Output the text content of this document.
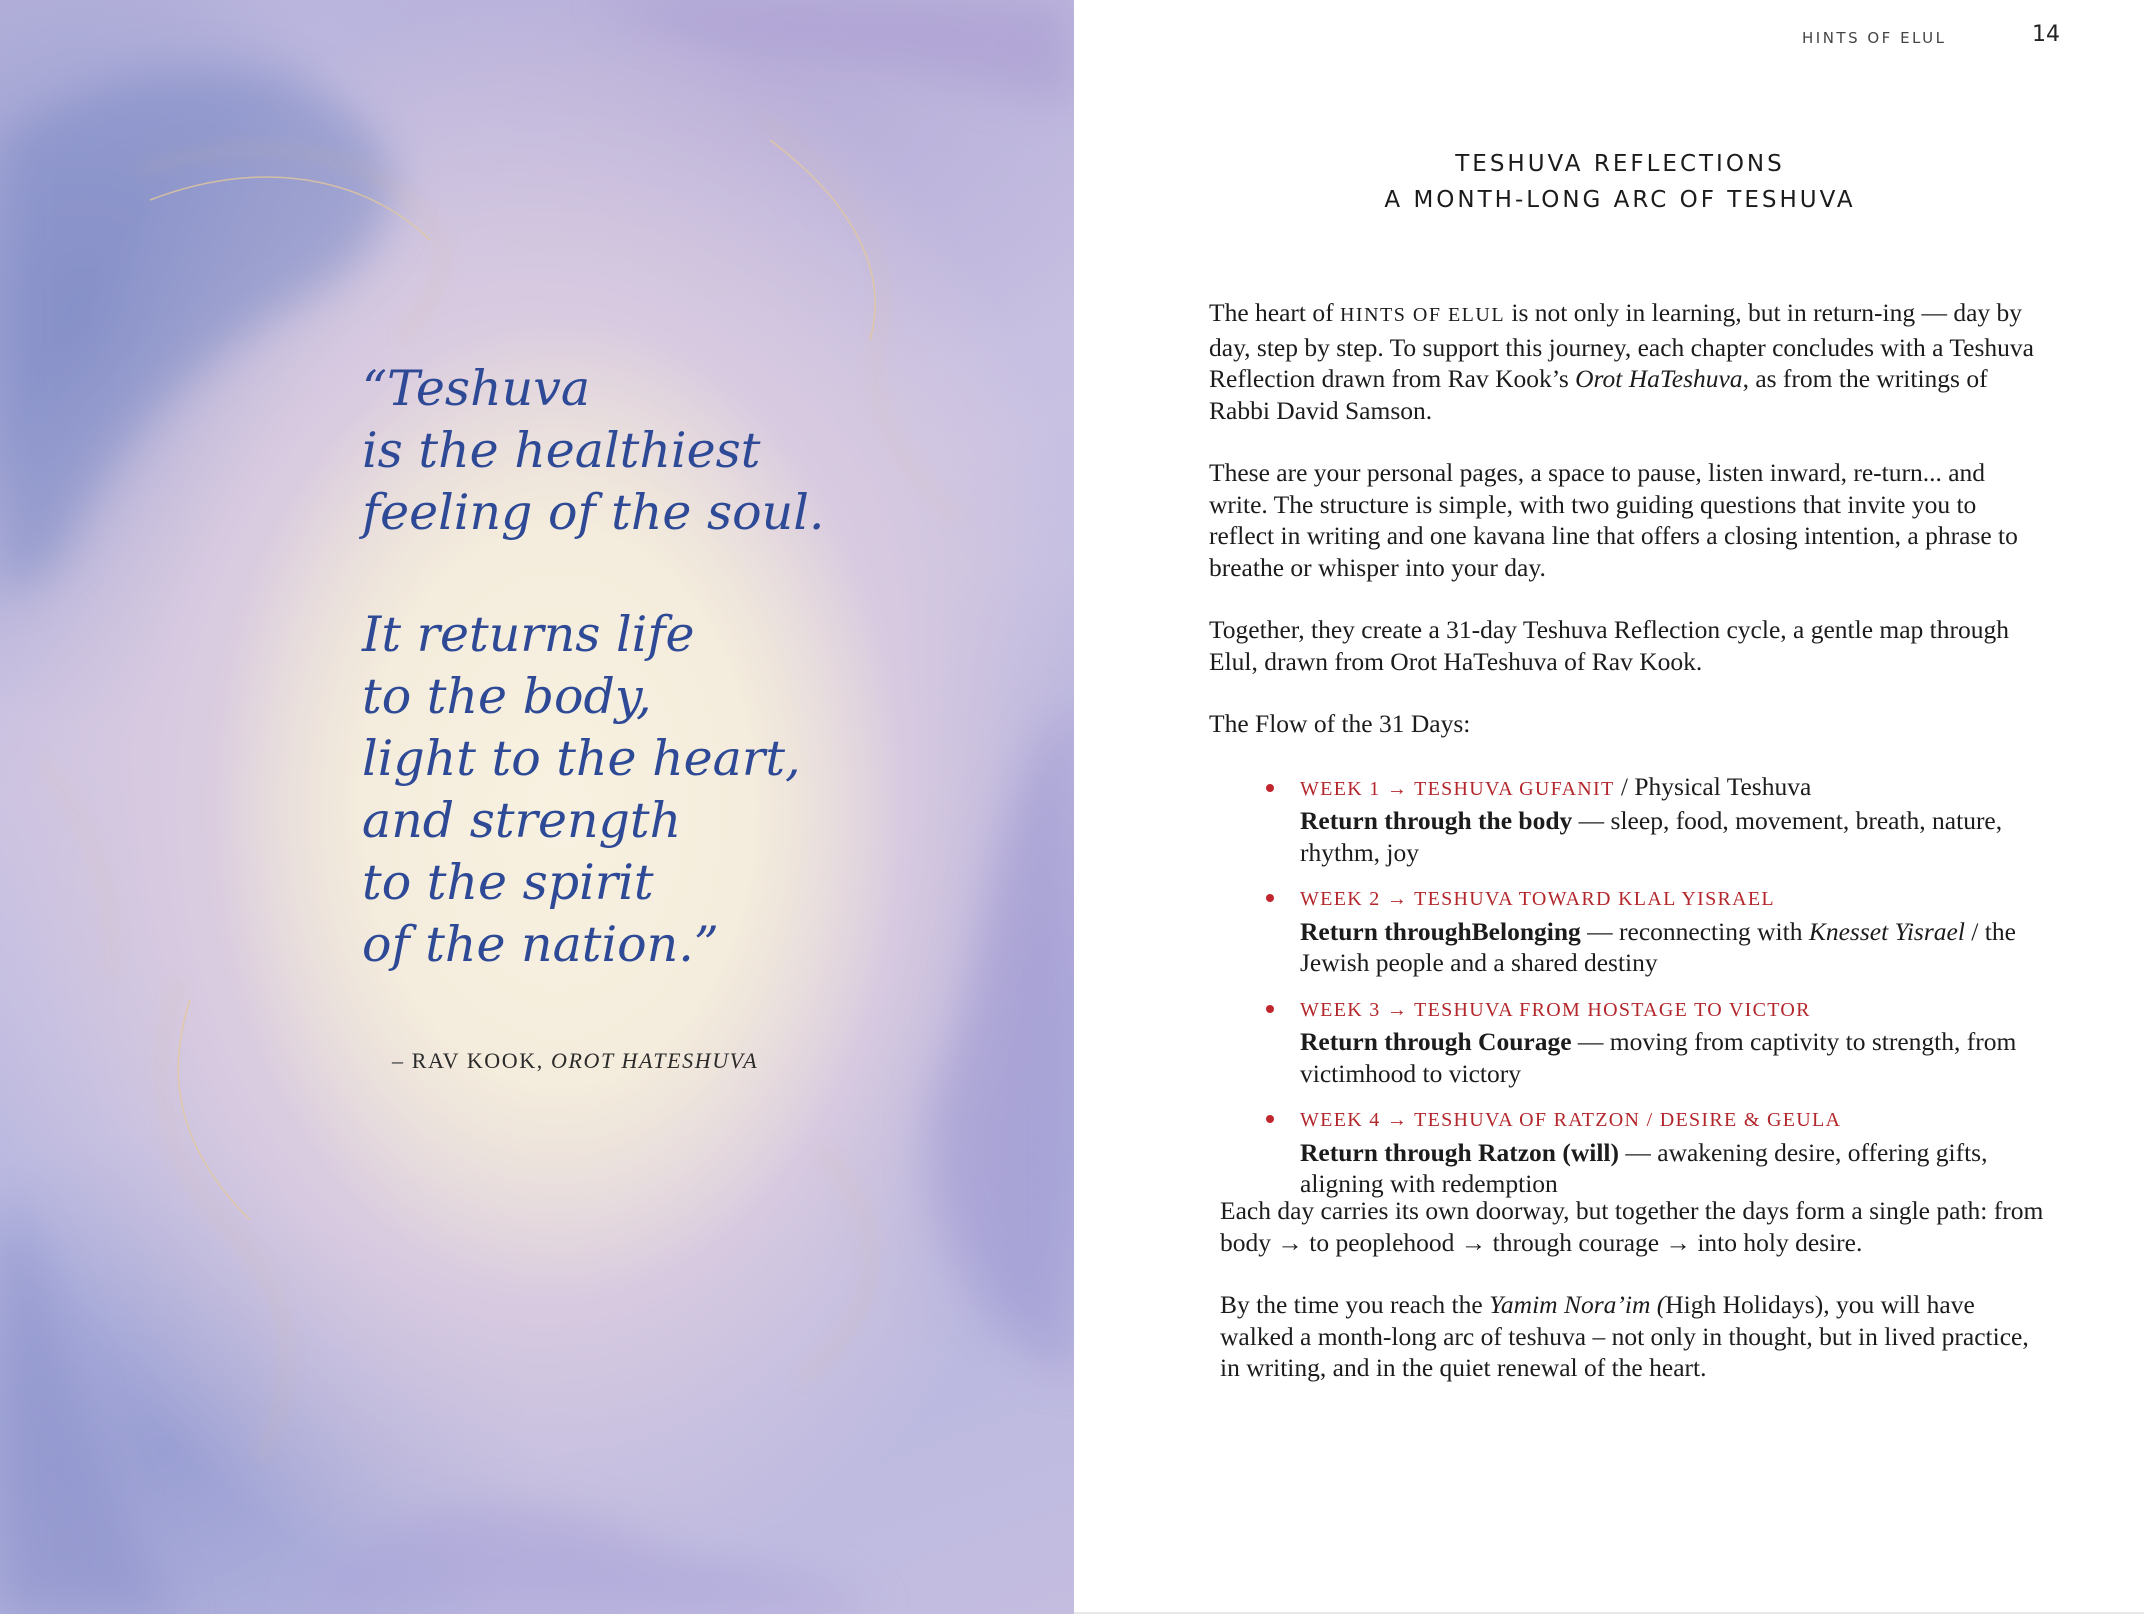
“Teshuva
is the healthiest
feeling of the soul.
It returns life
to the body,
light to the heart,
and strength
to the spirit
of the nation.”
– RAV KOOK, OROT HATESHUVA
HINTS OF ELUL	14
TESHUVA REFLECTIONS
A MONTH-LONG ARC OF TESHUVA

The heart of HINTS OF ELUL is not only in learning, but in return-ing — day by day, step by step. To support this journey, each chapter concludes with a Teshuva Reflection drawn from Rav Kook’s Orot HaTeshuva, as from the writings of Rabbi David Samson.

These are your personal pages, a space to pause, listen inward, re-turn... and write. The structure is simple, with two guiding questions that invite you to reflect in writing and one kavana line that offers a closing intention, a phrase to breathe or whisper into your day.

Together, they create a 31-day Teshuva Reflection cycle, a gentle map through Elul, drawn from Orot HaTeshuva of Rav Kook.

The Flow of the 31 Days:

WEEK 1 → TESHUVA GUFANIT / Physical Teshuva
Return through the body — sleep, food, movement, breath, nature, rhythm, joy
WEEK 2 → TESHUVA TOWARD KLAL YISRAEL
Return throughBelonging — reconnecting with Knesset Yisrael / the Jewish people and a shared destiny
WEEK 3 → TESHUVA FROM HOSTAGE TO VICTOR
Return through Courage — moving from captivity to strength, from victimhood to victory
WEEK 4 → TESHUVA OF RATZON / DESIRE & GEULA
Return through Ratzon (will) — awakening desire, offering gifts, aligning with redemption

Each day carries its own doorway, but together the days form a single path: from body → to peoplehood → through courage → into holy desire.

By the time you reach the Yamim Nora’im (High Holidays), you will have walked a month-long arc of teshuva – not only in thought, but in lived practice, in writing, and in the quiet renewal of the heart.
